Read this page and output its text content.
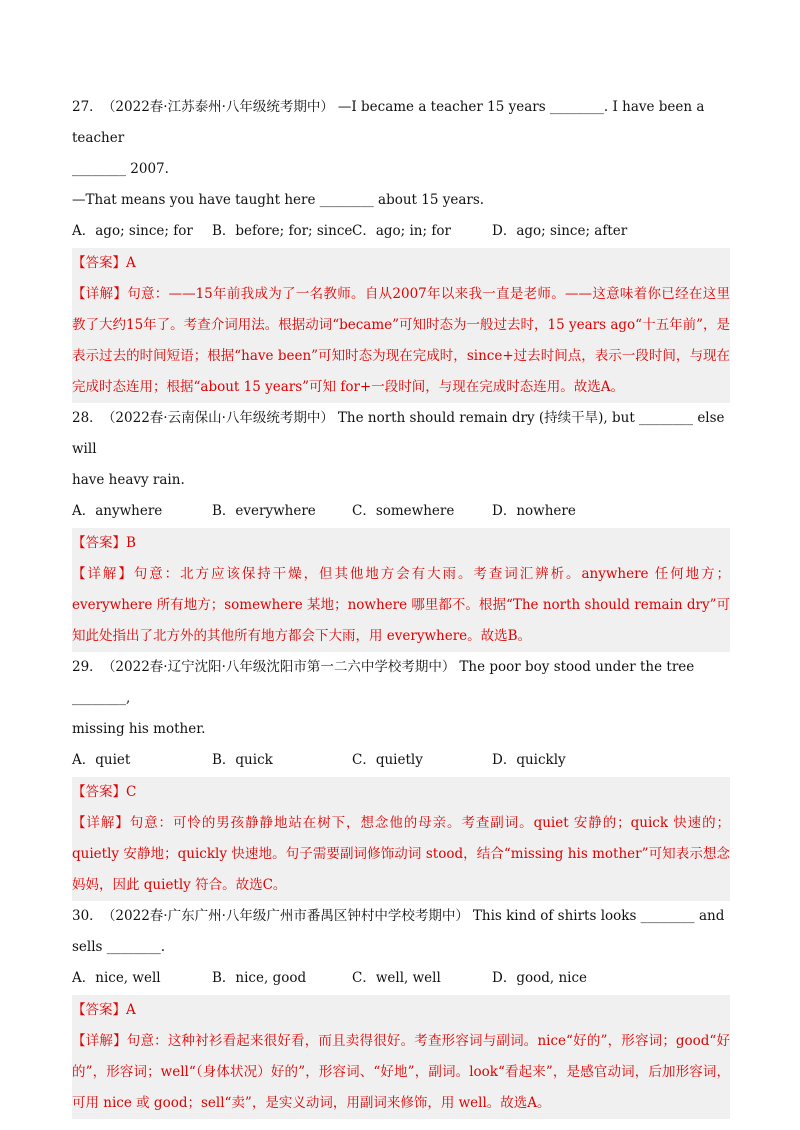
27． （2022春·江苏泰州·八年级统考期中） —I became a teacher 15 years ________. I have been a teacher
________ 2007.
—That means you have taught here ________ about 15 years.
A．ago; since; for	B．before; for; since C．ago; in; for	D．ago; since; after
【答案】A
【详解】句意：——15年前我成为了一名教师。自从2007年以来我一直是老师。——这意味着你已经在这里教了大约15年了。考查介词用法。根据动词“became”可知时态为一般过去时，15 years ago“十五年前”，是表示过去的时间短语；根据“have been”可知时态为现在完成时，since+过去时间点，表示一段时间，与现在完成时态连用；根据“about 15 years”可知 for+一段时间，与现在完成时态连用。故选A。
28． （2022春·云南保山·八年级统考期中） The north should remain dry (持续干旱), but ________ else will
have heavy rain.
A．anywhere	B．everywhere	C．somewhere	D．nowhere
【答案】B
【详解】句意：北方应该保持干燥，但其他地方会有大雨。考查词汇辨析。anywhere 任何地方；everywhere 所有地方；somewhere 某地；nowhere 哪里都不。根据“The north should remain dry”可知此处指出了北方外的其他所有地方都会下大雨，用 everywhere。故选B。
29． （2022春·辽宁沈阳·八年级沈阳市第一二六中学校考期中） The poor boy stood under the tree ________,
missing his mother.
A．quiet	B．quick	C．quietly	D．quickly
【答案】C
【详解】句意：可怜的男孩静静地站在树下，想念他的母亲。考查副词。quiet 安静的；quick 快速的；quietly 安静地；quickly 快速地。句子需要副词修饰动词 stood，结合“missing his mother”可知表示想念妈妈，因此 quietly 符合。故选C。
30． （2022春·广东广州·八年级广州市番禺区钟村中学校考期中） This kind of shirts looks ________ and
sells ________.
A．nice, well	B．nice, good	C．well, well	D．good, nice
【答案】A
【详解】句意：这种衬衫看起来很好看，而且卖得很好。考查形容词与副词。nice“好的”，形容词；good“好的”，形容词；well“（身体状况）好的”，形容词、“好地”，副词。look“看起来”，是感官动词，后加形容词，可用 nice 或 good；sell“卖”，是实义动词，用副词来修饰，用 well。故选A。
